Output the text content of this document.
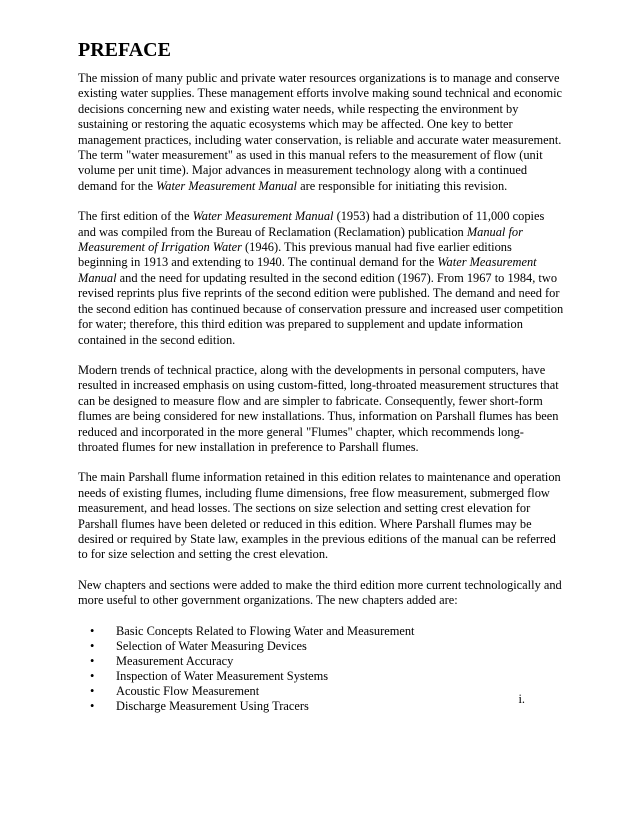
PREFACE

The mission of many public and private water resources organizations is to manage and conserve existing water supplies. These management efforts involve making sound technical and economic decisions concerning new and existing water needs, while respecting the environment by sustaining or restoring the aquatic ecosystems which may be affected. One key to better management practices, including water conservation, is reliable and accurate water measurement. The term "water measurement" as used in this manual refers to the measurement of flow (unit volume per unit time). Major advances in measurement technology along with a continued demand for the Water Measurement Manual are responsible for initiating this revision.

The first edition of the Water Measurement Manual (1953) had a distribution of 11,000 copies and was compiled from the Bureau of Reclamation (Reclamation) publication Manual for Measurement of Irrigation Water (1946). This previous manual had five earlier editions beginning in 1913 and extending to 1940. The continual demand for the Water Measurement Manual and the need for updating resulted in the second edition (1967). From 1967 to 1984, two revised reprints plus five reprints of the second edition were published. The demand and need for the second edition has continued because of conservation pressure and increased user competition for water; therefore, this third edition was prepared to supplement and update information contained in the second edition.

Modern trends of technical practice, along with the developments in personal computers, have resulted in increased emphasis on using custom-fitted, long-throated measurement structures that can be designed to measure flow and are simpler to fabricate. Consequently, fewer short-form flumes are being considered for new installations. Thus, information on Parshall flumes has been reduced and incorporated in the more general "Flumes" chapter, which recommends long-throated flumes for new installation in preference to Parshall flumes.

The main Parshall flume information retained in this edition relates to maintenance and operation needs of existing flumes, including flume dimensions, free flow measurement, submerged flow measurement, and head losses. The sections on size selection and setting crest elevation for Parshall flumes have been deleted or reduced in this edition. Where Parshall flumes may be desired or required by State law, examples in the previous editions of the manual can be referred to for size selection and setting the crest elevation.

New chapters and sections were added to make the third edition more current technologically and more useful to other government organizations. The new chapters added are:

• Basic Concepts Related to Flowing Water and Measurement
• Selection of Water Measuring Devices
• Measurement Accuracy
• Inspection of Water Measurement Systems
• Acoustic Flow Measurement
• Discharge Measurement Using Tracers	i.
